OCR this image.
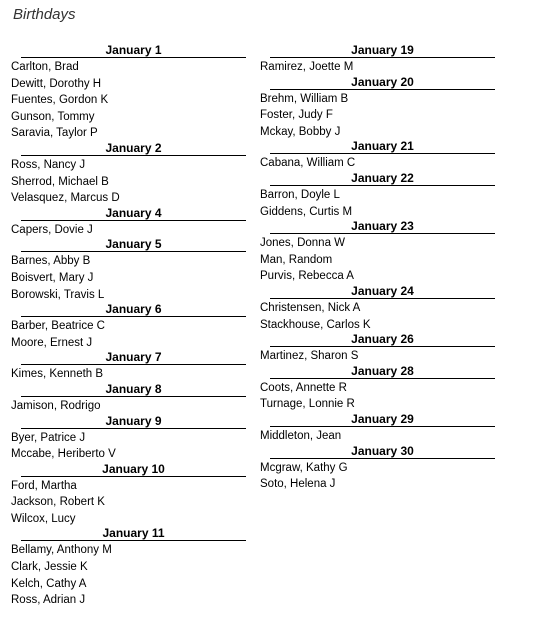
Birthdays
January 1
Carlton, Brad
Dewitt, Dorothy H
Fuentes, Gordon K
Gunson, Tommy
Saravia, Taylor P
January 2
Ross, Nancy J
Sherrod, Michael B
Velasquez, Marcus D
January 4
Capers, Dovie J
January 5
Barnes, Abby B
Boisvert, Mary J
Borowski, Travis L
January 6
Barber, Beatrice C
Moore, Ernest J
January 7
Kimes, Kenneth B
January 8
Jamison, Rodrigo
January 9
Byer, Patrice J
Mccabe, Heriberto V
January 10
Ford, Martha
Jackson, Robert K
Wilcox, Lucy
January 11
Bellamy, Anthony M
Clark, Jessie K
Kelch, Cathy A
Ross, Adrian J
January 19
Ramirez, Joette M
January 20
Brehm, William B
Foster, Judy F
Mckay, Bobby J
January 21
Cabana, William C
January 22
Barron, Doyle L
Giddens, Curtis M
January 23
Jones, Donna W
Man, Random
Purvis, Rebecca A
January 24
Christensen, Nick A
Stackhouse, Carlos K
January 26
Martinez, Sharon S
January 28
Coots, Annette R
Turnage, Lonnie R
January 29
Middleton, Jean
January 30
Mcgraw, Kathy G
Soto, Helena J
